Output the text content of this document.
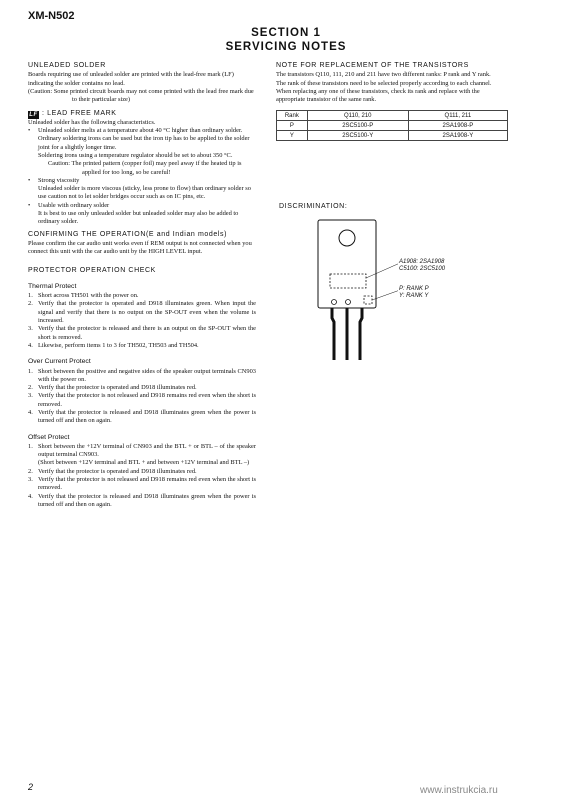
XM-N502
SECTION 1
SERVICING NOTES
UNLEADED SOLDER

Boards requiring use of unleaded solder are printed with the lead-free mark (LF) indicating the solder contains no lead.

(Caution: Some printed circuit boards may not come printed with the lead free mark due to their particular size)

LF : LEAD FREE MARK

Unleaded solder has the following characteristics.

• Unleaded solder melts at a temperature about 40 °C higher than ordinary solder.
Ordinary soldering irons can be used but the iron tip has to be applied to the solder joint for a slightly longer time.
Soldering irons using a temperature regulator should be set to about 350 °C.

Caution: The printed pattern (copper foil) may peel away if the heated tip is applied for too long, so be careful!

• Strong viscosity
Unleaded solder is more viscous (sticky, less prone to flow) than ordinary solder so use caution not to let solder bridges occur such as on IC pins, etc.
• Usable with ordinary solder
It is best to use only unleaded solder but unleaded solder may also be added to ordinary solder.
CONFIRMING THE OPERATION(E and Indian models)

Please confirm the car audio unit works even if REM output is not connected when you connect this unit with the car audio unit by the HIGH LEVEL input.

PROTECTOR OPERATION CHECK
Thermal Protect
1. Short across TH501 with the power on.
2. Verify that the protector is operated and D918 illuminates green. When input the signal and verify that there is no output on the SP-OUT even when the volume is increased.
3. Verify that the protector is released and there is an output on the SP-OUT when the short is removed.
4. Likewise, perform items 1 to 3 for TH502, TH503 and TH504.
Over Current Protect
1. Short between the positive and negative sides of the speaker output terminals CN903 with the power on.
2. Verify that the protector is operated and D918 illuminates red.
3. Verify that the protector is not released and D918 remains red even when the short is removed.
4. Verify that the protector is released and D918 illuminates green when the power is turned off and then on again.
Offset Protect
1. Short between the +12V terminal of CN903 and the BTL + or BTL – of the speaker output terminal CN903.
(Short between +12V terminal and BTL + and between +12V terminal and BTL –)
2. Verify that the protector is operated and D918 illuminates red.
3. Verify that the protector is not released and D918 remains red even when the short is removed.
4. Verify that the protector is released and D918 illuminates green when the power is turned off and then on again.
NOTE FOR REPLACEMENT OF THE TRANSISTORS

The transistors Q110, 111, 210 and 211 have two different ranks: P rank and Y rank.

The rank of these transistors need to be selected properly according to each channel. When replacing any one of these transistors, check its rank and replace with the appropriate transistor of the same rank.

Rank	Q110, 210	Q111, 211
P	2SC5100-P	2SA1908-P
Y	2SC5100-Y	2SA1908-Y
DISCRIMINATION:
A1908: 2SA1908
C5100: 2SC5100
P: RANK P
Y: RANK Y
2	www.instrukcia.ru
